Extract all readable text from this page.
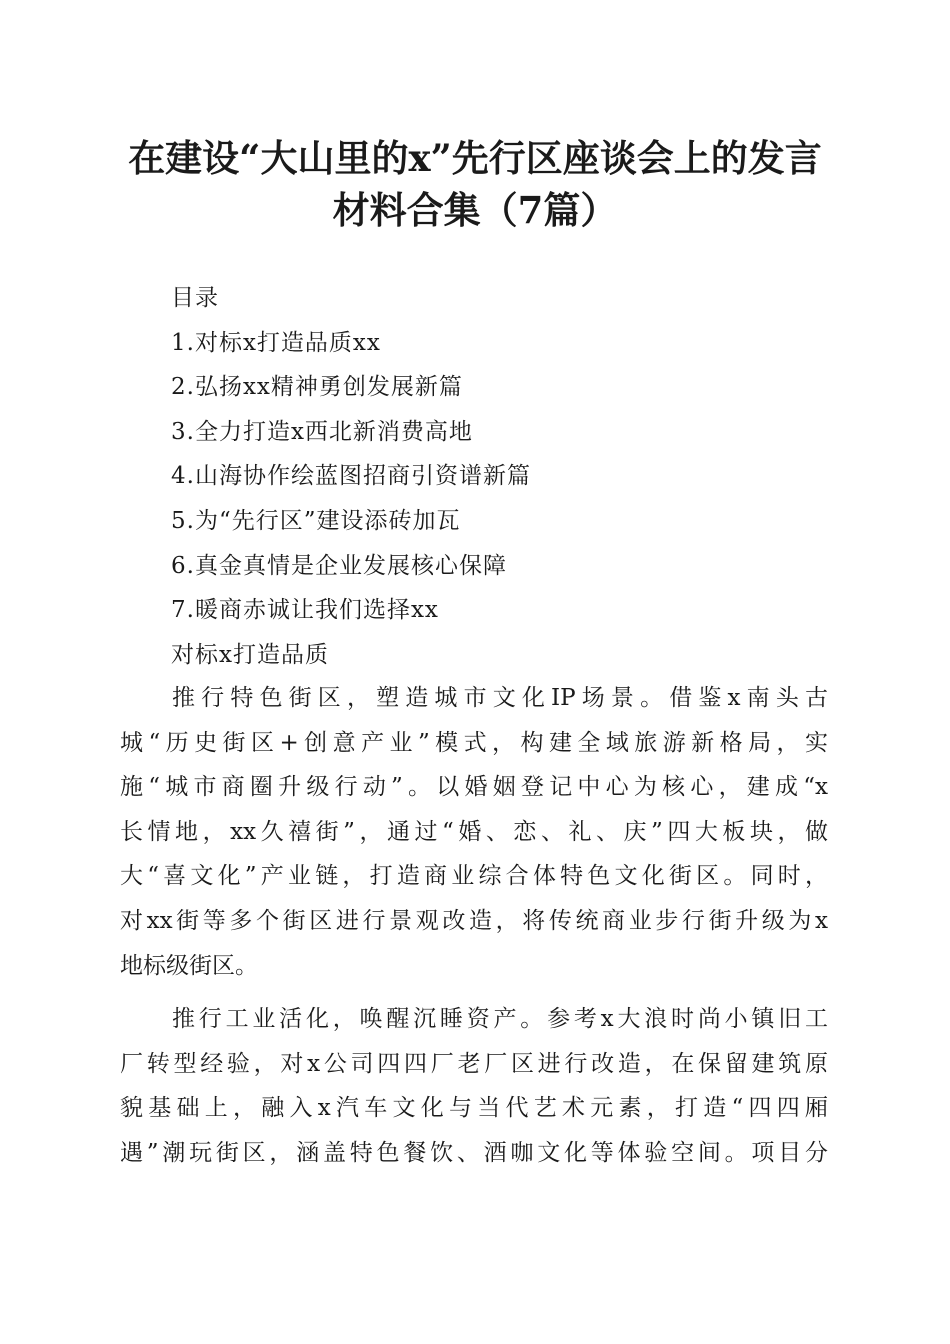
在建设“大山里的x”先行区座谈会上的发言
材料合集（7篇）
目录
1.对标x打造品质xx
2.弘扬xx精神勇创发展新篇
3.全力打造x西北新消费高地
4.山海协作绘蓝图招商引资谱新篇
5.为“先行区”建设添砖加瓦
6.真金真情是企业发展核心保障
7.暖商赤诚让我们选择xx
对标x打造品质
推行特色街区，塑造城市文化IP场景。借鉴x南头古
城“历史街区+创意产业”模式，构建全域旅游新格局，实
施“城市商圈升级行动”。以婚姻登记中心为核心，建成“x
长情地，xx久禧街”，通过“婚、恋、礼、庆”四大板块，做
大“喜文化”产业链，打造商业综合体特色文化街区。同时，
对xx街等多个街区进行景观改造，将传统商业步行街升级为x
地标级街区。
推行工业活化，唤醒沉睡资产。参考x大浪时尚小镇旧工
厂转型经验，对x公司四四厂老厂区进行改造，在保留建筑原
貌基础上，融入x汽车文化与当代艺术元素，打造“四四厢
遇”潮玩街区，涵盖特色餐饮、酒咖文化等体验空间。项目分
